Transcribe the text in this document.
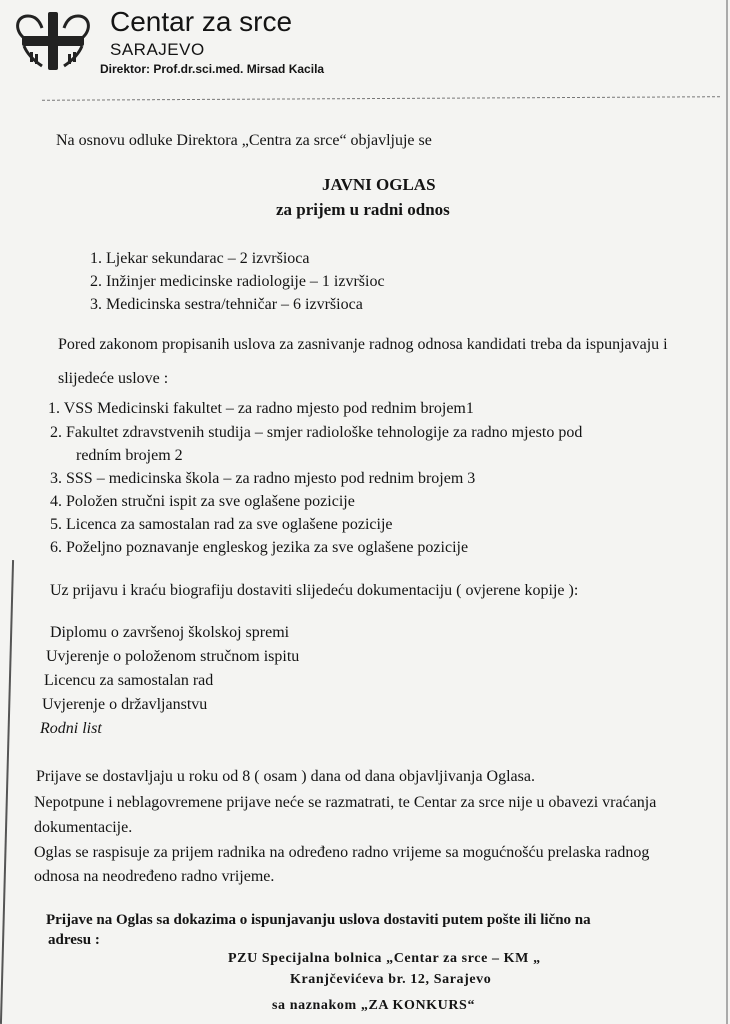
Centar za srce
SARAJEVO
Direktor: Prof.dr.sci.med. Mirsad Kacila
Na osnovu odluke Direktora „Centra za srce“ objavljuje se
JAVNI OGLAS
za prijem u radni odnos
1. Ljekar sekundarac – 2 izvršioca
2. Inžinjer medicinske radiologije – 1 izvršioc
3. Medicinska sestra/tehničar – 6 izvršioca
Pored zakonom propisanih uslova za zasnivanje radnog odnosa kandidati treba da ispunjavaju i
slijedeće uslove :
1. VSS Medicinski fakultet – za radno mjesto pod rednim brojem1
2. Fakultet zdravstvenih studija – smjer radiološke tehnologije za radno mjesto pod
redním brojem 2
3. SSS – medicinska škola – za radno mjesto pod rednim brojem 3
4. Položen stručni ispit za sve oglašene pozicije
5. Licenca za samostalan rad za sve oglašene pozicije
6. Poželjno poznavanje engleskog jezika za sve oglašene pozicije
Uz prijavu i kraću biografiju dostaviti slijedeću dokumentaciju ( ovjerene kopije ):
Diplomu o završenoj školskoj spremi
Uvjerenje o položenom stručnom ispitu
Licencu za samostalan rad
Uvjerenje o državljanstvu
Rodni list
Prijave se dostavljaju u roku od 8 ( osam ) dana od dana objavljivanja Oglasa.
Nepotpune i neblagovremene prijave neće se razmatrati, te Centar za srce nije u obavezi vraćanja
dokumentacije.
Oglas se raspisuje za prijem radnika na određeno radno vrijeme sa mogućnošću prelaska radnog
odnosa na neodređeno radno vrijeme.
Prijave na Oglas sa dokazima o ispunjavanju uslova dostaviti putem pošte ili lično na
adresu :
PZU Specijalna bolnica „Centar za srce – KM „
Kranjčevićeva br. 12, Sarajevo
sa naznakom „ZA KONKURS“
